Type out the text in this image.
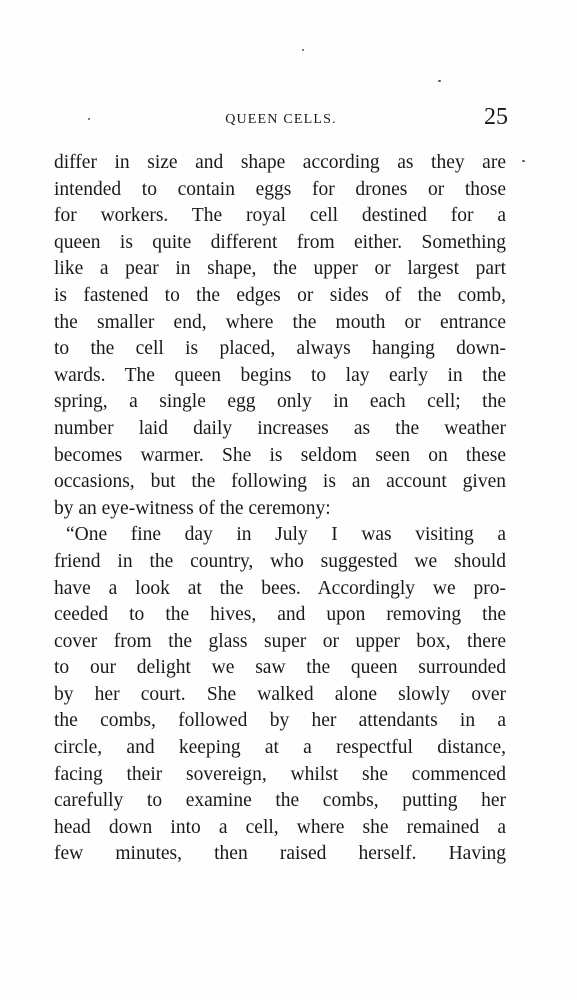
QUEEN CELLS.	25
differ in size and shape according as they are
intended to contain eggs for drones or those
for workers. The royal cell destined for a
queen is quite different from either. Something
like a pear in shape, the upper or largest part
is fastened to the edges or sides of the comb,
the smaller end, where the mouth or entrance
to the cell is placed, always hanging down-
wards. The queen begins to lay early in the
spring, a single egg only in each cell; the
number laid daily increases as the weather
becomes warmer. She is seldom seen on these
occasions, but the following is an account given
by an eye-witness of the ceremony:
“One fine day in July I was visiting a
friend in the country, who suggested we should
have a look at the bees. Accordingly we pro-
ceeded to the hives, and upon removing the
cover from the glass super or upper box, there
to our delight we saw the queen surrounded
by her court. She walked alone slowly over
the combs, followed by her attendants in a
circle, and keeping at a respectful distance,
facing their sovereign, whilst she commenced
carefully to examine the combs, putting her
head down into a cell, where she remained a
few minutes, then raised herself. Having
